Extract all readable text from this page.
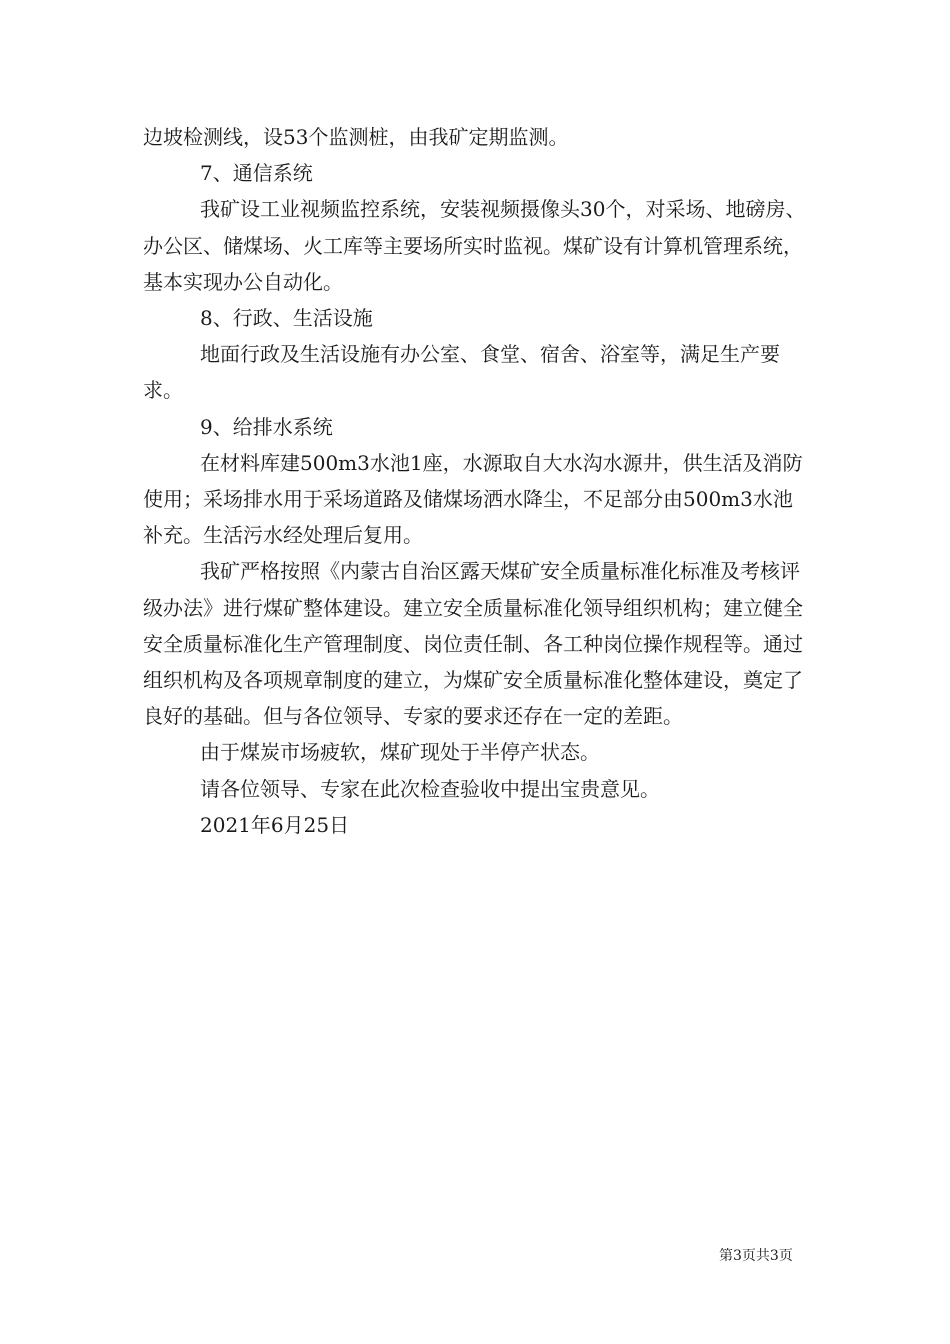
边坡检测线，设53个监测桩，由我矿定期监测。

7、通信系统

我矿设工业视频监控系统，安装视频摄像头30个，对采场、地磅房、办公区、储煤场、火工库等主要场所实时监视。煤矿设有计算机管理系统，基本实现办公自动化。

8、行政、生活设施

地面行政及生活设施有办公室、食堂、宿舍、浴室等，满足生产要求。

9、给排水系统

在材料库建500m3水池1座，水源取自大水沟水源井，供生活及消防使用；采场排水用于采场道路及储煤场洒水降尘，不足部分由500m3水池补充。生活污水经处理后复用。

我矿严格按照《内蒙古自治区露天煤矿安全质量标准化标准及考核评级办法》进行煤矿整体建设。建立安全质量标准化领导组织机构；建立健全安全质量标准化生产管理制度、岗位责任制、各工种岗位操作规程等。通过组织机构及各项规章制度的建立，为煤矿安全质量标准化整体建设，奠定了良好的基础。但与各位领导、专家的要求还存在一定的差距。

由于煤炭市场疲软，煤矿现处于半停产状态。

请各位领导、专家在此次检查验收中提出宝贵意见。

2021年6月25日

第3页共3页
